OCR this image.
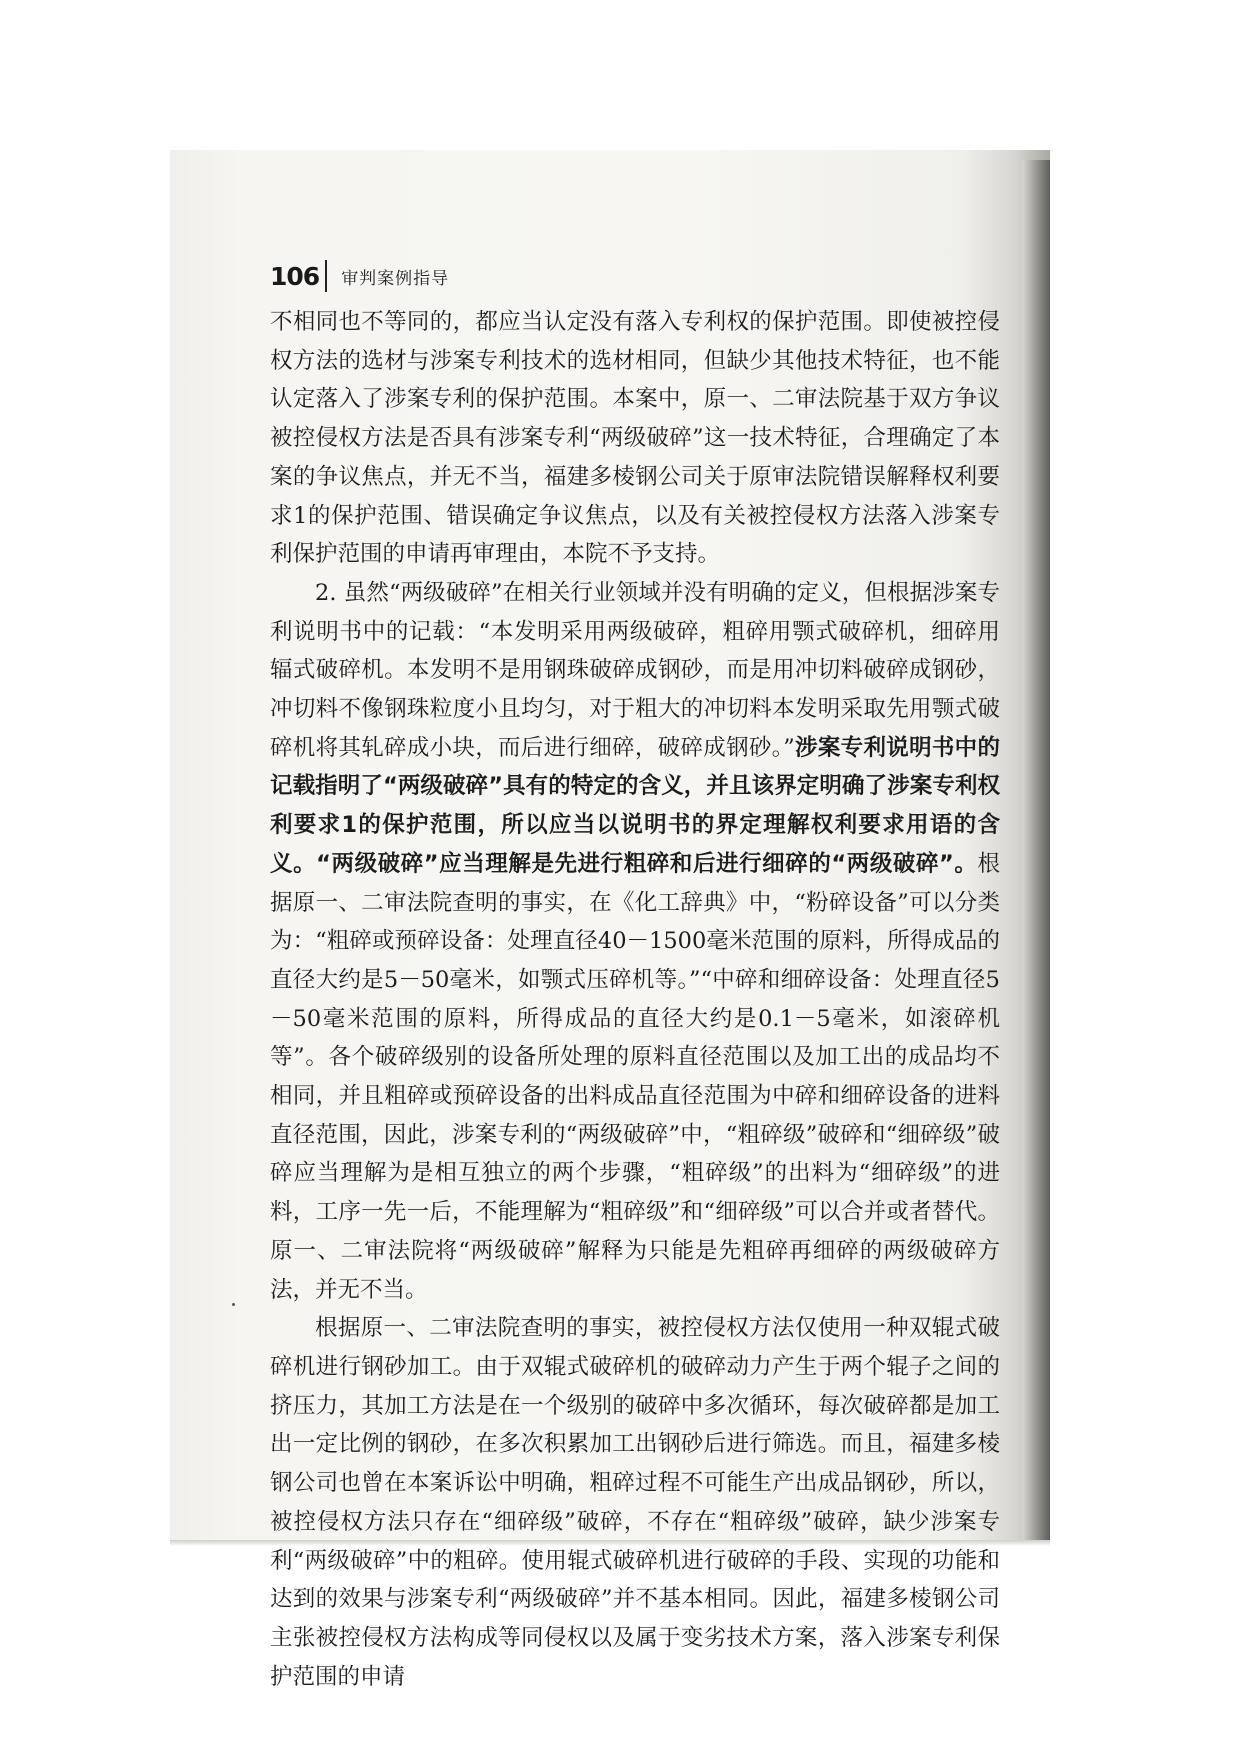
106 审判案例指导

不相同也不等同的，都应当认定没有落入专利权的保护范围。即使被控侵权方法的选材与涉案专利技术的选材相同，但缺少其他技术特征，也不能认定落入了涉案专利的保护范围。本案中，原一、二审法院基于双方争议被控侵权方法是否具有涉案专利“两级破碎”这一技术特征，合理确定了本案的争议焦点，并无不当，福建多棱钢公司关于原审法院错误解释权利要求1的保护范围、错误确定争议焦点，以及有关被控侵权方法落入涉案专利保护范围的申请再审理由，本院不予支持。

2. 虽然“两级破碎”在相关行业领域并没有明确的定义，但根据涉案专利说明书中的记载：“本发明采用两级破碎，粗碎用颚式破碎机，细碎用辐式破碎机。本发明不是用钢珠破碎成钢砂，而是用冲切料破碎成钢砂，冲切料不像钢珠粒度小且均匀，对于粗大的冲切料本发明采取先用颚式破碎机将其轧碎成小块，而后进行细碎，破碎成钢砂。”涉案专利说明书中的记载指明了“两级破碎”具有的特定的含义，并且该界定明确了涉案专利权利要求1的保护范围，所以应当以说明书的界定理解权利要求用语的含义。“两级破碎”应当理解是先进行粗碎和后进行细碎的“两级破碎”。根据原一、二审法院查明的事实，在《化工辞典》中，“粉碎设备”可以分类为：“粗碎或预碎设备：处理直径40－1500毫米范围的原料，所得成品的直径大约是5－50毫米，如颚式压碎机等。”“中碎和细碎设备：处理直径5－50毫米范围的原料，所得成品的直径大约是0.1－5毫米，如滚碎机等”。各个破碎级别的设备所处理的原料直径范围以及加工出的成品均不相同，并且粗碎或预碎设备的出料成品直径范围为中碎和细碎设备的进料直径范围，因此，涉案专利的“两级破碎”中，“粗碎级”破碎和“细碎级”破碎应当理解为是相互独立的两个步骤，“粗碎级”的出料为“细碎级”的进料，工序一先一后，不能理解为“粗碎级”和“细碎级”可以合并或者替代。原一、二审法院将“两级破碎”解释为只能是先粗碎再细碎的两级破碎方法，并无不当。

根据原一、二审法院查明的事实，被控侵权方法仅使用一种双辊式破碎机进行钢砂加工。由于双辊式破碎机的破碎动力产生于两个辊子之间的挤压力，其加工方法是在一个级别的破碎中多次循环，每次破碎都是加工出一定比例的钢砂，在多次积累加工出钢砂后进行筛选。而且，福建多棱钢公司也曾在本案诉讼中明确，粗碎过程不可能生产出成品钢砂，所以，被控侵权方法只存在“细碎级”破碎，不存在“粗碎级”破碎，缺少涉案专利“两级破碎”中的粗碎。使用辊式破碎机进行破碎的手段、实现的功能和达到的效果与涉案专利“两级破碎”并不基本相同。因此，福建多棱钢公司主张被控侵权方法构成等同侵权以及属于变劣技术方案，落入涉案专利保护范围的申请
